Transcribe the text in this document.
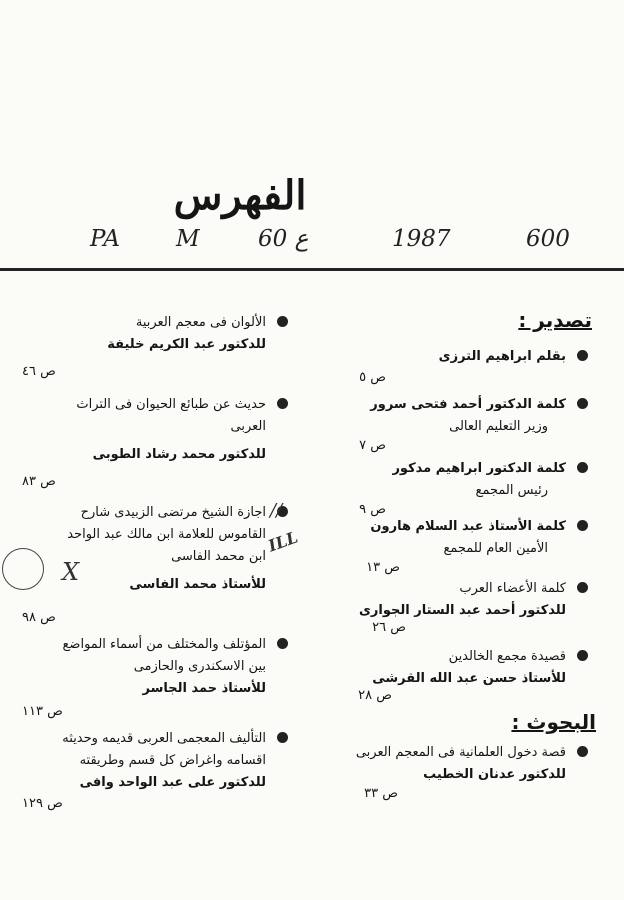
الفهرس
PA M	60 ع	1987	600
تصدير :
بقلم ابراهيم الترزى
ص ٥
كلمة الدكتور أحمد فتحى سرور
وزير التعليم العالى
ص ٧
كلمة الدكتور ابراهيم مدكور
رئيس المجمع
ص ٩
كلمة الأستاذ عبد السلام هارون
الأمين العام للمجمع
ص ١٣
كلمة الأعضاء العرب
للدكتور أحمد عبد الستار الجوارى
ص ٢٦
قصيدة مجمع الخالدين
للأستاذ حسن عبد الله القرشى
ص ٢٨
البحوث :
قصة دخول العلمانية فى المعجم العربى
للدكتور عدنان الخطيب
ص ٣٣
الألوان فى معجم العربية
للدكتور عبد الكريم خليفة
ص ٤٦
حديث عن طبائع الحيوان فى التراث
العربى
للدكتور محمد رشاد الطوبى
ص ٨٣
اجازة الشيخ مرتضى الزبيدى شارح
القاموس للعلامة ابن مالك عبد الواحد
ابن محمد الفاسى
للأستاذ محمد الفاسى
ص ٩٨
المؤتلف والمختلف من أسماء المواضع
بين الاسكندرى والحازمى
للأستاذ حمد الجاسر
ص ١١٣
التأليف المعجمى العربى قديمه وحديثه
اقسامه واغراض كل قسم وطريقته
للدكتور على عبد الواحد وافى
ص ١٢٩
//
ILL
X
